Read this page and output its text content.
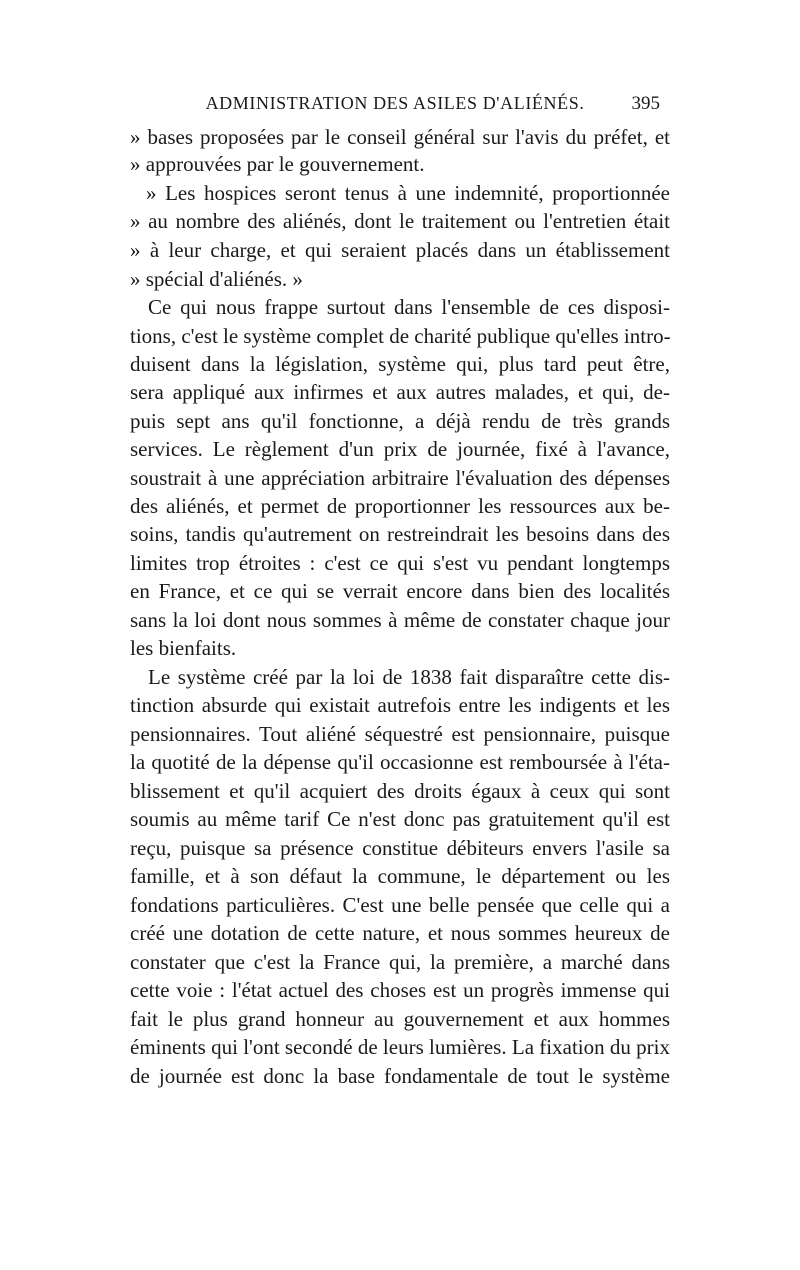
ADMINISTRATION DES ASILES D'ALIÉNÉS.	395
» bases proposées par le conseil général sur l'avis du préfet, et
» approuvées par le gouvernement.
» Les hospices seront tenus à une indemnité, proportionnée
» au nombre des aliénés, dont le traitement ou l'entretien était
» à leur charge, et qui seraient placés dans un établissement
» spécial d'aliénés. »
Ce qui nous frappe surtout dans l'ensemble de ces disposi-
tions, c'est le système complet de charité publique qu'elles intro-
duisent dans la législation, système qui, plus tard peut être,
sera appliqué aux infirmes et aux autres malades, et qui, de-
puis sept ans qu'il fonctionne, a déjà rendu de très grands
services. Le règlement d'un prix de journée, fixé à l'avance,
soustrait à une appréciation arbitraire l'évaluation des dépenses
des aliénés, et permet de proportionner les ressources aux be-
soins, tandis qu'autrement on restreindrait les besoins dans des
limites trop étroites : c'est ce qui s'est vu pendant longtemps
en France, et ce qui se verrait encore dans bien des localités
sans la loi dont nous sommes à même de constater chaque jour
les bienfaits.
Le système créé par la loi de 1838 fait disparaître cette dis-
tinction absurde qui existait autrefois entre les indigents et les
pensionnaires. Tout aliéné séquestré est pensionnaire, puisque
la quotité de la dépense qu'il occasionne est remboursée à l'éta-
blissement et qu'il acquiert des droits égaux à ceux qui sont
soumis au même tarif Ce n'est donc pas gratuitement qu'il est
reçu, puisque sa présence constitue débiteurs envers l'asile sa
famille, et à son défaut la commune, le département ou les
fondations particulières. C'est une belle pensée que celle qui a
créé une dotation de cette nature, et nous sommes heureux de
constater que c'est la France qui, la première, a marché dans
cette voie : l'état actuel des choses est un progrès immense qui
fait le plus grand honneur au gouvernement et aux hommes
éminents qui l'ont secondé de leurs lumières. La fixation du prix
de journée est donc la base fondamentale de tout le système
